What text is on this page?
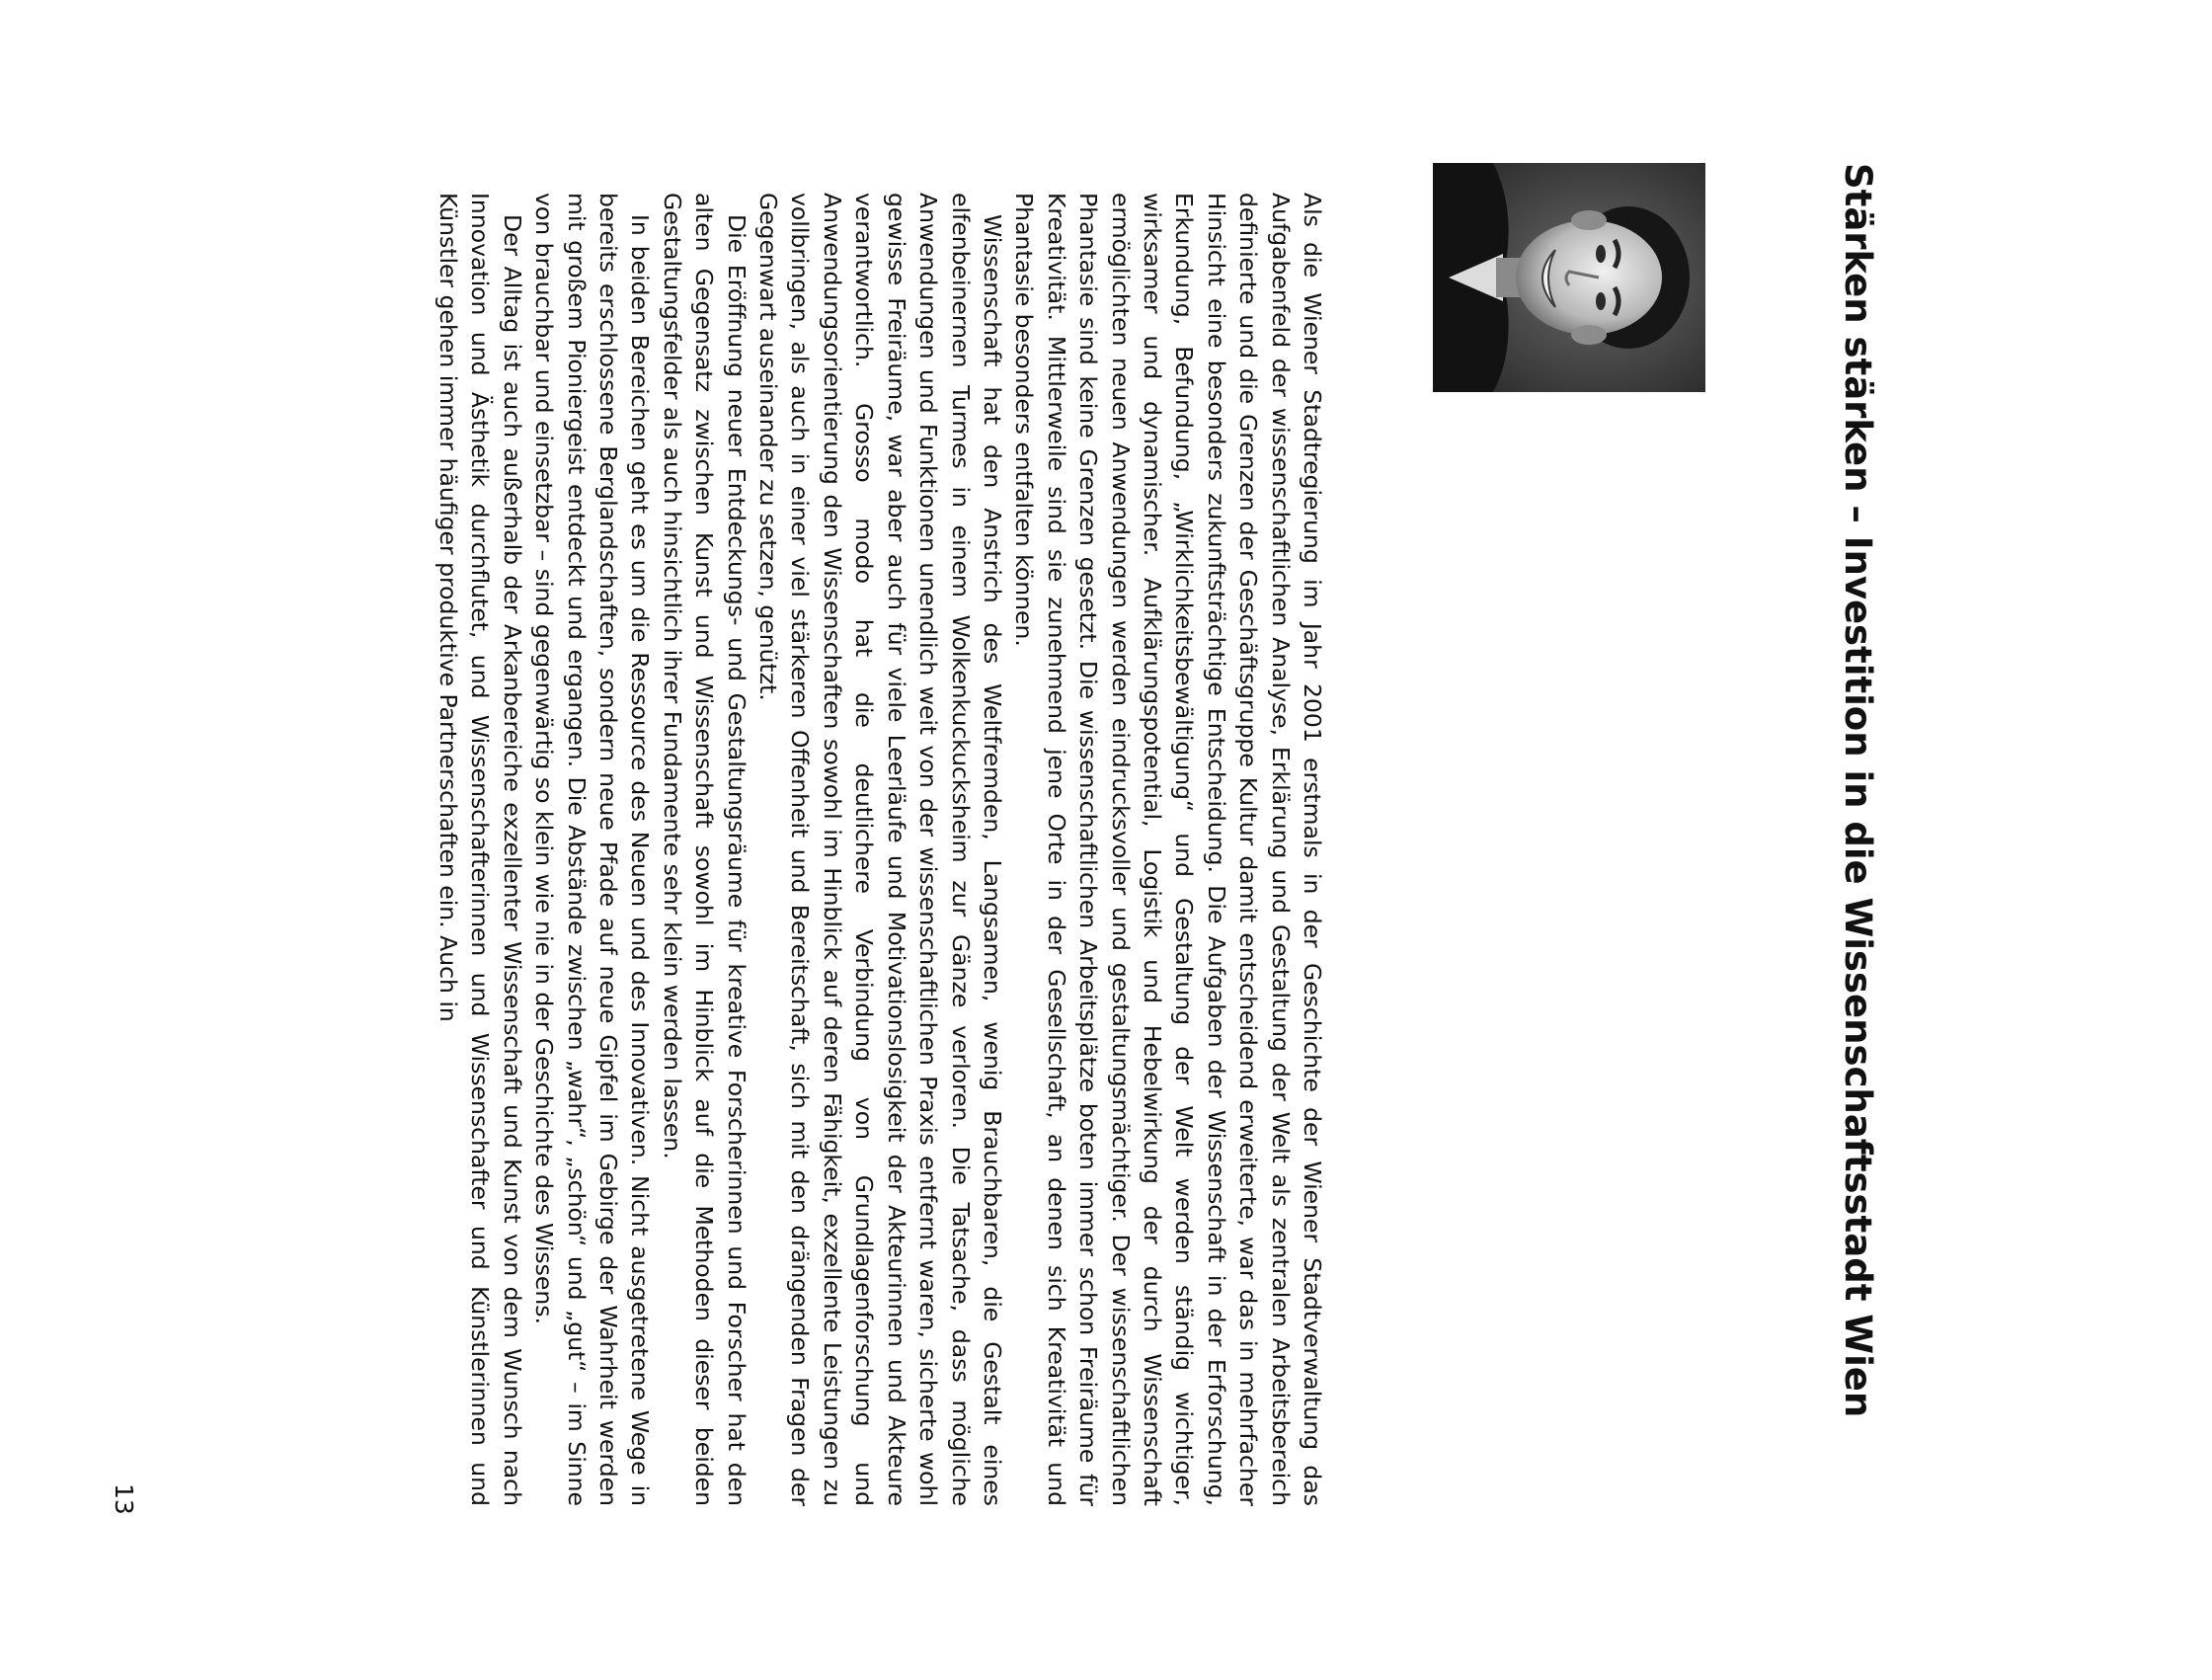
Stärken stärken – Investition in die Wissenschaftsstadt Wien

Als die Wiener Stadtregierung im Jahr 2001 erstmals in der Geschichte der Wiener Stadtverwaltung das Aufgabenfeld der wissenschaftlichen Analyse, Erklärung und Gestaltung der Welt als zentralen Arbeitsbereich definierte und die Grenzen der Geschäftsgruppe Kultur damit entscheidend erweiterte, war das in mehrfacher Hinsicht eine besonders zukunftsträchtige Entscheidung. Die Aufgaben der Wissenschaft in der Erforschung, Erkundung, Befundung, „Wirklichkeitsbewältigung“ und Gestaltung der Welt werden ständig wichtiger, wirksamer und dynamischer. Aufklärungspotential, Logistik und Hebelwirkung der durch Wissenschaft ermöglichten neuen Anwendungen werden eindrucksvoller und gestaltungsmächtiger. Der wissenschaftlichen Phantasie sind keine Grenzen gesetzt. Die wissenschaftlichen Arbeitsplätze boten immer schon Freiräume für Kreativität. Mittlerweile sind sie zunehmend jene Orte in der Gesellschaft, an denen sich Kreativität und Phantasie besonders entfalten können.

Wissenschaft hat den Anstrich des Weltfremden, Langsamen, wenig Brauchbaren, die Gestalt eines elfenbeinernen Turmes in einem Wolkenkuckucksheim zur Gänze verloren. Die Tatsache, dass mögliche Anwendungen und Funktionen unendlich weit von der wissenschaftlichen Praxis entfernt waren, sicherte wohl gewisse Freiräume, war aber auch für viele Leerläufe und Motivationslosigkeit der Akteurinnen und Akteure verantwortlich. Grosso modo hat die deutlichere Verbindung von Grundlagenforschung und Anwendungsorientierung den Wissenschaften sowohl im Hinblick auf deren Fähigkeit, exzellente Leistungen zu vollbringen, als auch in einer viel stärkeren Offenheit und Bereitschaft, sich mit den drängenden Fragen der Gegenwart auseinander zu setzen, genützt.

Die Eröffnung neuer Entdeckungs- und Gestaltungsräume für kreative Forscherinnen und Forscher hat den alten Gegensatz zwischen Kunst und Wissenschaft sowohl im Hinblick auf die Methoden dieser beiden Gestaltungsfelder als auch hinsichtlich ihrer Fundamente sehr klein werden lassen.

In beiden Bereichen geht es um die Ressource des Neuen und des Innovativen. Nicht ausgetretene Wege in bereits erschlossene Berglandschaften, sondern neue Pfade auf neue Gipfel im Gebirge der Wahrheit werden mit großem Pioniergeist entdeckt und ergangen. Die Abstände zwischen „wahr“, „schön“ und „gut“ – im Sinne von brauchbar und einsetzbar – sind gegenwärtig so klein wie nie in der Geschichte des Wissens.

Der Alltag ist auch außerhalb der Arkanbereiche exzellenter Wissenschaft und Kunst von dem Wunsch nach Innovation und Ästhetik durchflutet, und Wissenschafterinnen und Wissenschafter und Künstlerinnen und Künstler gehen immer häufiger produktive Partnerschaften ein. Auch in

13
